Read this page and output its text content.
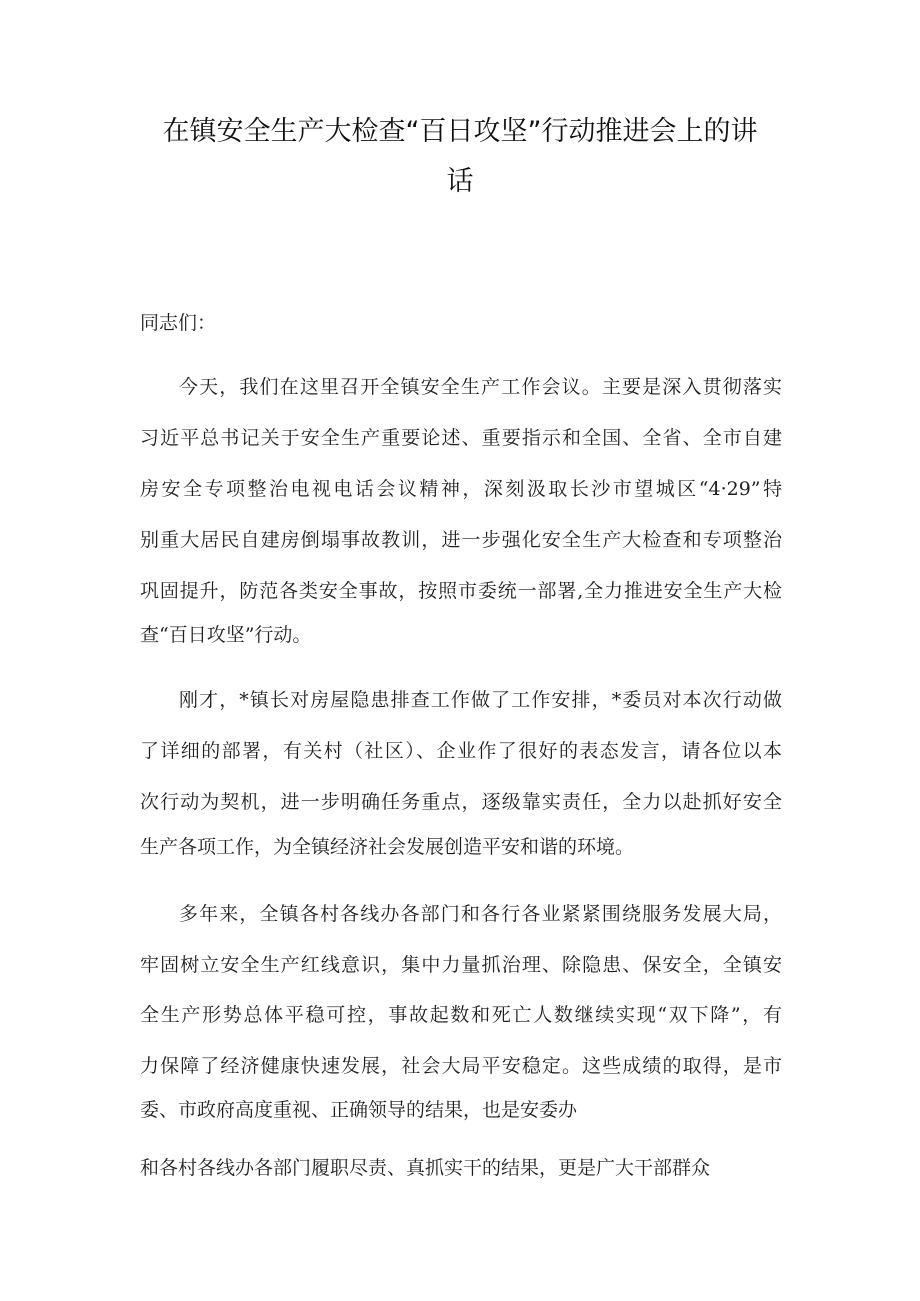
在镇安全生产大检查“百日攻坚”行动推进会上的讲
话
同志们：
今天，我们在这里召开全镇安全生产工作会议。主要是深入贯彻落实
习近平总书记关于安全生产重要论述、重要指示和全国、全省、全市自建
房安全专项整治电视电话会议精神，深刻汲取长沙市望城区“4·29”特
别重大居民自建房倒塌事故教训，进一步强化安全生产大检查和专项整治
巩固提升，防范各类安全事故，按照市委统一部署,全力推进安全生产大检
查“百日攻坚”行动。
刚才，*镇长对房屋隐患排查工作做了工作安排，*委员对本次行动做
了详细的部署，有关村（社区）、企业作了很好的表态发言，请各位以本
次行动为契机，进一步明确任务重点，逐级靠实责任，全力以赴抓好安全
生产各项工作，为全镇经济社会发展创造平安和谐的环境。
多年来，全镇各村各线办各部门和各行各业紧紧围绕服务发展大局，
牢固树立安全生产红线意识，集中力量抓治理、除隐患、保安全，全镇安
全生产形势总体平稳可控，事故起数和死亡人数继续实现“双下降”，有
力保障了经济健康快速发展，社会大局平安稳定。这些成绩的取得，是市
委、市政府高度重视、正确领导的结果，也是安委办
和各村各线办各部门履职尽责、真抓实干的结果，更是广大干部群众
